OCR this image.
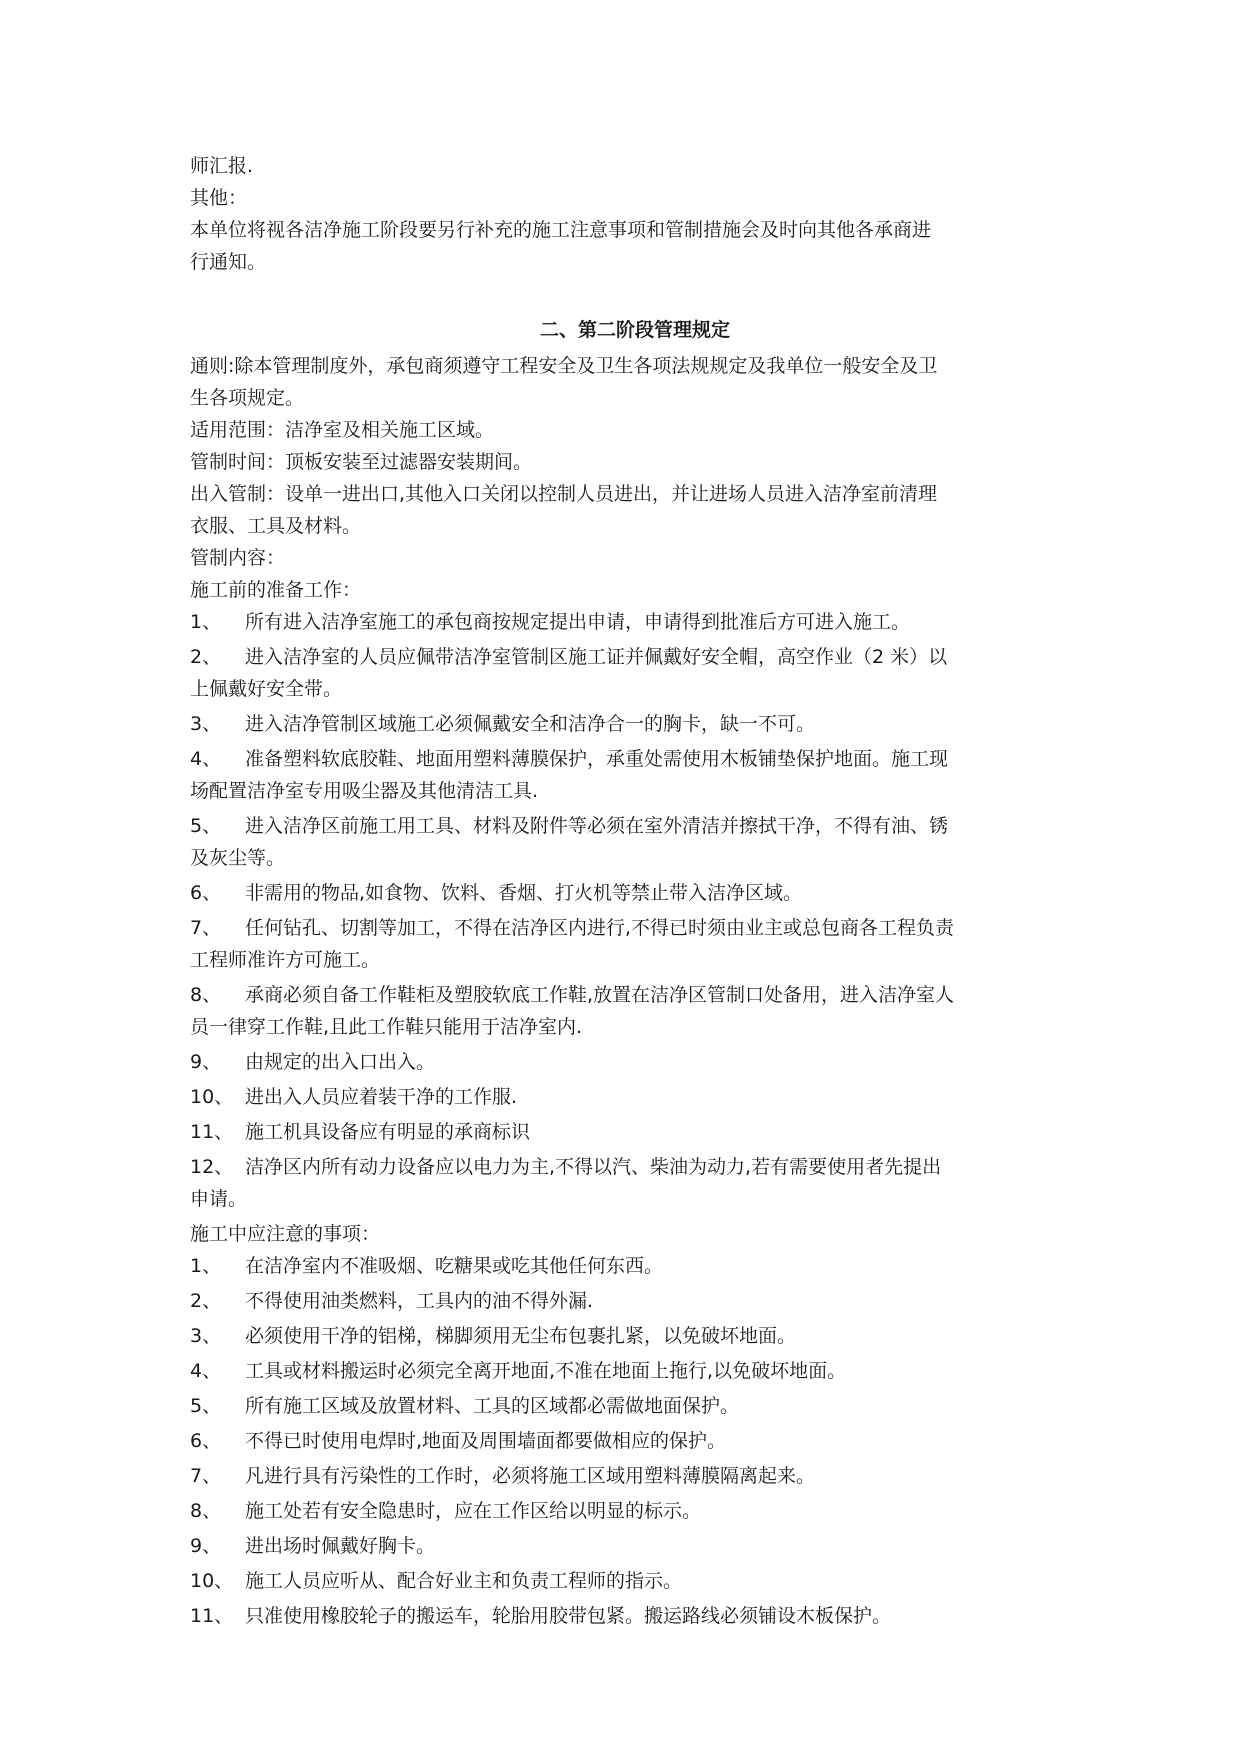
师汇报.

其他：

本单位将视各洁净施工阶段要另行补充的施工注意事项和管制措施会及时向其他各承商进

行通知。

二、第二阶段管理规定

通则:除本管理制度外，承包商须遵守工程安全及卫生各项法规规定及我单位一般安全及卫

生各项规定。

适用范围：洁净室及相关施工区域。

管制时间：顶板安装至过滤器安装期间。

出入管制：设单一进出口,其他入口关闭以控制人员进出，并让进场人员进入洁净室前清理

衣服、工具及材料。

管制内容：

施工前的准备工作：

1、	所有进入洁净室施工的承包商按规定提出申请，申请得到批准后方可进入施工。
2、	进入洁净室的人员应佩带洁净室管制区施工证并佩戴好安全帽，高空作业（2 米）以

上佩戴好安全带。

3、	进入洁净管制区域施工必须佩戴安全和洁净合一的胸卡，缺一不可。
4、	准备塑料软底胶鞋、地面用塑料薄膜保护，承重处需使用木板铺垫保护地面。施工现

场配置洁净室专用吸尘器及其他清洁工具.

5、	进入洁净区前施工用工具、材料及附件等必须在室外清洁并擦拭干净，不得有油、锈

及灰尘等。

6、	非需用的物品,如食物、饮料、香烟、打火机等禁止带入洁净区域。
7、	任何钻孔、切割等加工，不得在洁净区内进行,不得已时须由业主或总包商各工程负责

工程师准许方可施工。

8、	承商必须自备工作鞋柜及塑胶软底工作鞋,放置在洁净区管制口处备用，进入洁净室人

员一律穿工作鞋,且此工作鞋只能用于洁净室内.

9、	由规定的出入口出入。
10、 进出入人员应着装干净的工作服.
11、 施工机具设备应有明显的承商标识
12、 洁净区内所有动力设备应以电力为主,不得以汽、柴油为动力,若有需要使用者先提出

申请。

施工中应注意的事项：

1、	在洁净室内不准吸烟、吃糖果或吃其他任何东西。
2、	不得使用油类燃料，工具内的油不得外漏.
3、	必须使用干净的铝梯，梯脚须用无尘布包裹扎紧，以免破坏地面。
4、	工具或材料搬运时必须完全离开地面,不准在地面上拖行,以免破坏地面。
5、	所有施工区域及放置材料、工具的区域都必需做地面保护。
6、	不得已时使用电焊时,地面及周围墙面都要做相应的保护。
7、	凡进行具有污染性的工作时，必须将施工区域用塑料薄膜隔离起来。
8、	施工处若有安全隐患时，应在工作区给以明显的标示。
9、	进出场时佩戴好胸卡。
10、 施工人员应听从、配合好业主和负责工程师的指示。
11、 只准使用橡胶轮子的搬运车，轮胎用胶带包紧。搬运路线必须铺设木板保护。
